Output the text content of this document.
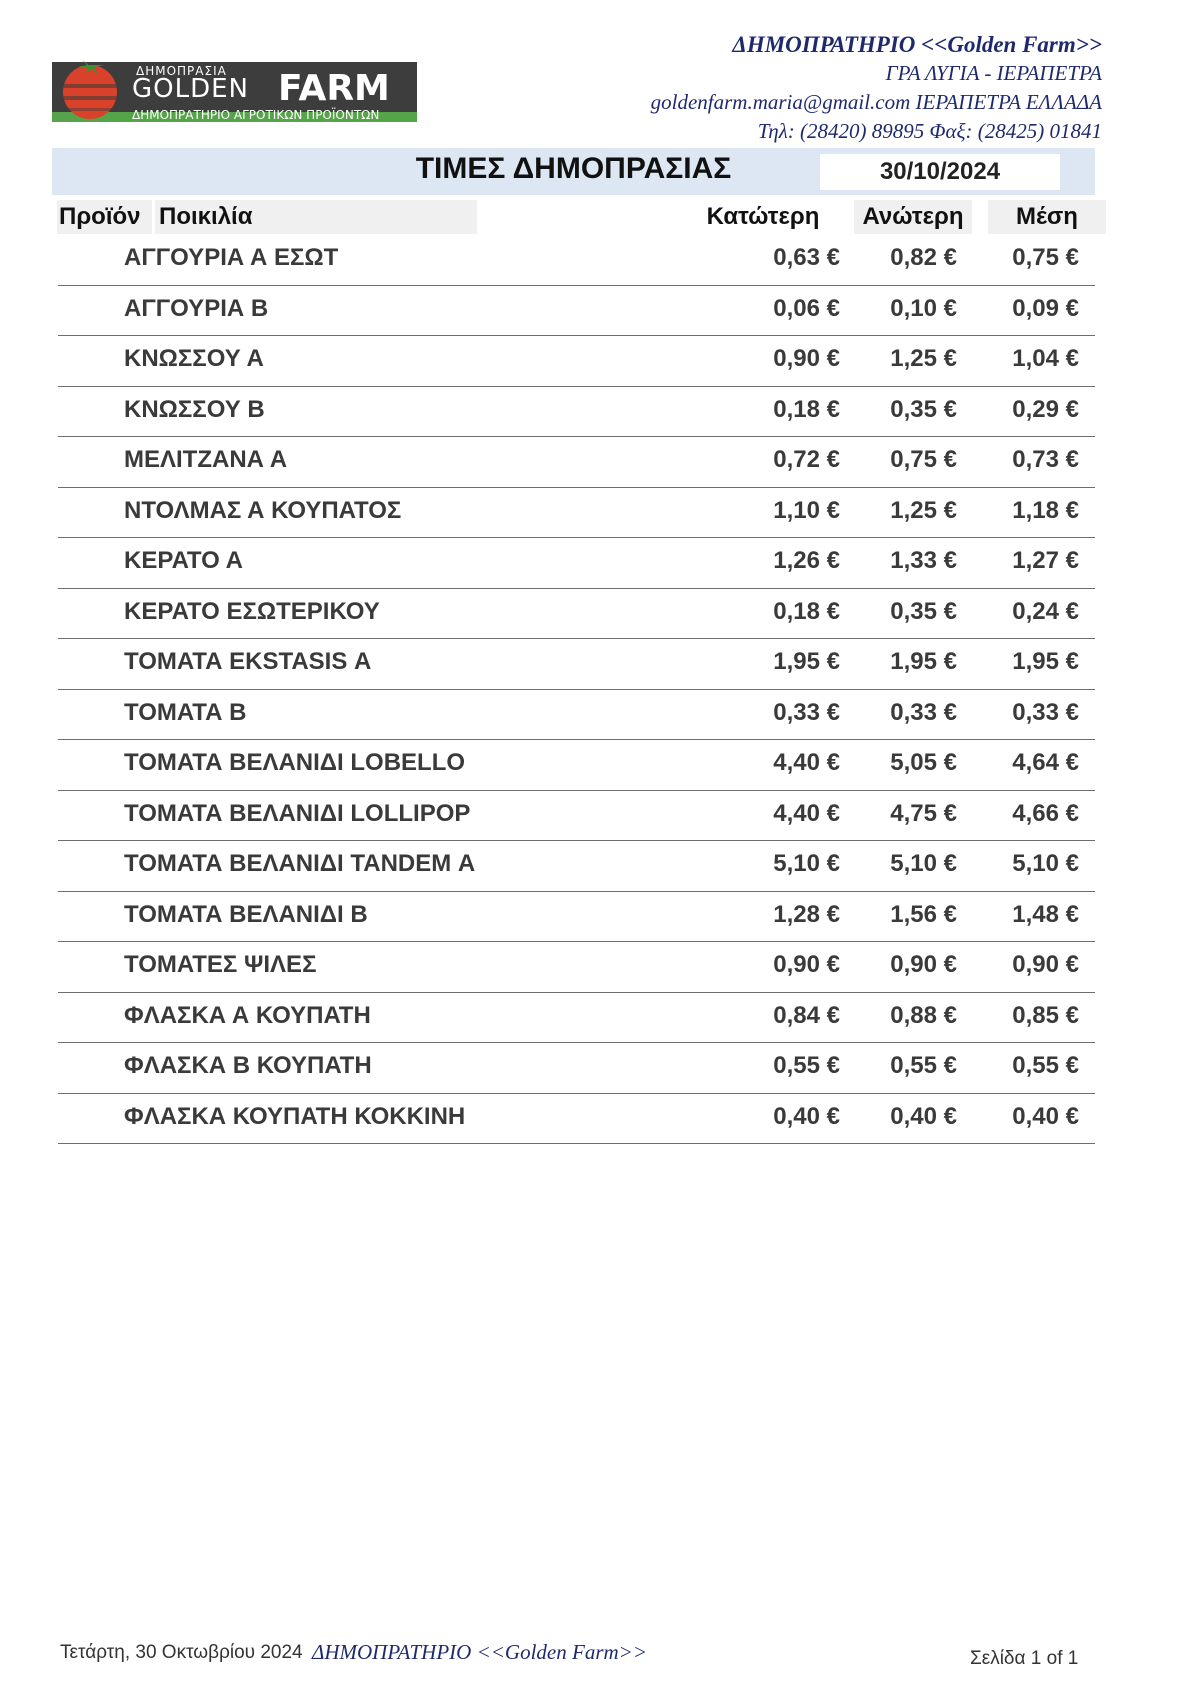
ΔΗΜΟΠΡΑΣΙΑ
GOLDEN FARM
ΔΗΜΟΠΡΑΤΗΡΙΟ ΑΓΡΟΤΙΚΩΝ ΠΡΟΪΟΝΤΩΝ
ΔΗΜΟΠΡΑΤΗΡΙΟ <<Golden Farm>>
ΓΡΑ ΛΥΓΙΑ - ΙΕΡΑΠΕΤΡΑ
goldenfarm.maria@gmail.com ΙΕΡΑΠΕΤΡΑ ΕΛΛΑΔΑ
Τηλ: (28420) 89895 Φαξ: (28425) 01841
ΤΙΜΕΣ ΔΗΜΟΠΡΑΣΙΑΣ	30/10/2024
Προϊόν Ποικιλία	Κατώτερη	Ανώτερη	Μέση
ΑΓΓΟΥΡΙΑ Α ΕΣΩΤ	0,63 € 0,82 € 0,75 €
ΑΓΓΟΥΡΙΑ Β	0,06 € 0,10 € 0,09 €
ΚΝΩΣΣΟΥ Α	0,90 € 1,25 € 1,04 €
ΚΝΩΣΣΟΥ Β	0,18 € 0,35 € 0,29 €
ΜΕΛΙΤΖΑΝΑ Α	0,72 € 0,75 € 0,73 €
ΝΤΟΛΜΑΣ Α ΚΟΥΠΑΤΟΣ	1,10 € 1,25 € 1,18 €
ΚΕΡΑΤΟ Α	1,26 € 1,33 € 1,27 €
ΚΕΡΑΤΟ ΕΣΩΤΕΡΙΚΟΥ	0,18 € 0,35 € 0,24 €
ΤΟΜΑΤΑ EKSTASIS Α	1,95 € 1,95 € 1,95 €
ΤΟΜΑΤΑ Β	0,33 € 0,33 € 0,33 €
ΤΟΜΑΤΑ ΒΕΛΑΝΙΔΙ LOBELLO	4,40 € 5,05 € 4,64 €
ΤΟΜΑΤΑ ΒΕΛΑΝΙΔΙ LOLLIPOP	4,40 € 4,75 € 4,66 €
ΤΟΜΑΤΑ ΒΕΛΑΝΙΔΙ TANDEM Α	5,10 € 5,10 € 5,10 €
ΤΟΜΑΤΑ ΒΕΛΑΝΙΔΙ Β	1,28 € 1,56 € 1,48 €
ΤΟΜΑΤΕΣ ΨΙΛΕΣ	0,90 € 0,90 € 0,90 €
ΦΛΑΣΚΑ Α ΚΟΥΠΑΤΗ	0,84 € 0,88 € 0,85 €
ΦΛΑΣΚΑ Β ΚΟΥΠΑΤΗ	0,55 € 0,55 € 0,55 €
ΦΛΑΣΚΑ ΚΟΥΠΑΤΗ ΚΟΚΚΙΝΗ	0,40 € 0,40 € 0,40 €
Τετάρτη, 30 Οκτωβρίου 2024 ΔΗΜΟΠΡΑΤΗΡΙΟ <<Golden Farm>>	Σελίδα 1 of 1
